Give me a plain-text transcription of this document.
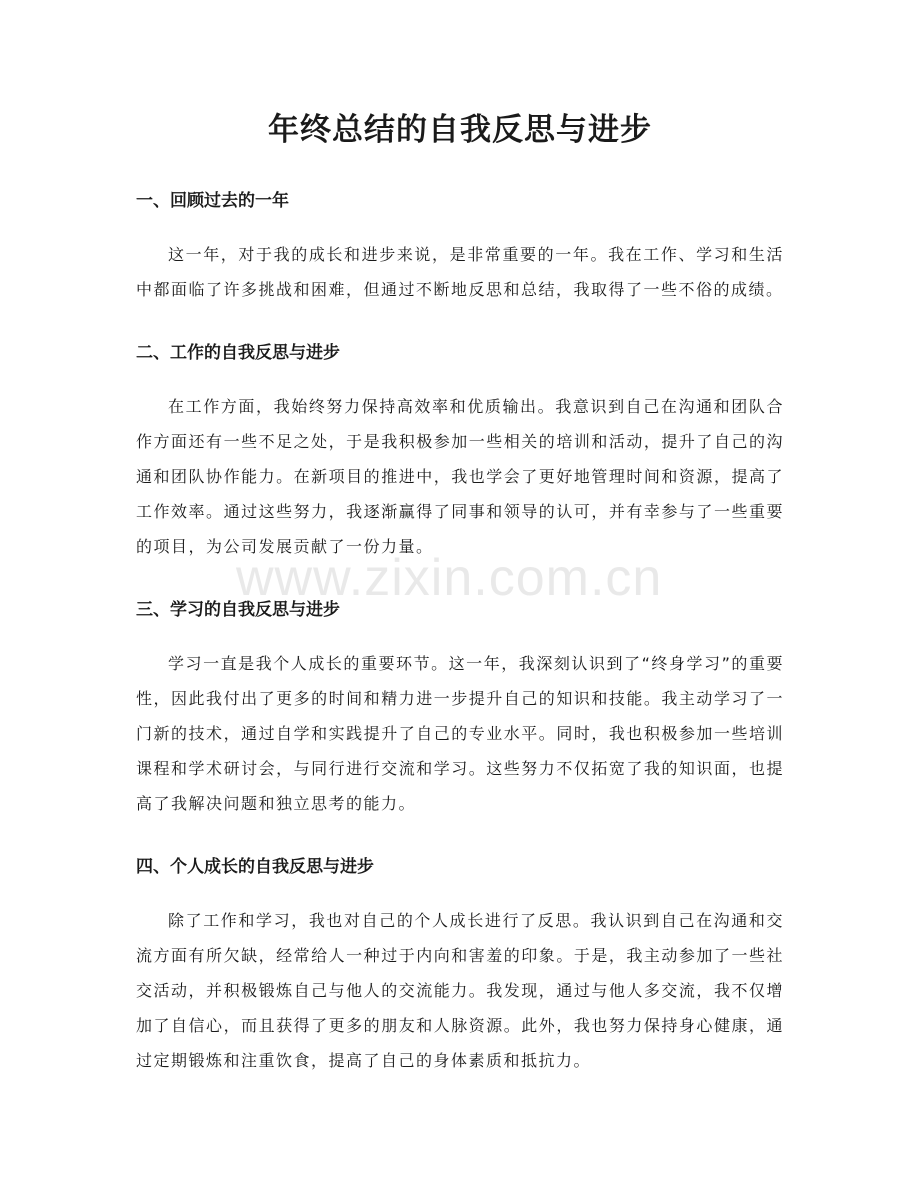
年终总结的自我反思与进步
一、回顾过去的一年

这一年，对于我的成长和进步来说，是非常重要的一年。我在工作、学习和生活中都面临了许多挑战和困难，但通过不断地反思和总结，我取得了一些不俗的成绩。

二、工作的自我反思与进步

在工作方面，我始终努力保持高效率和优质输出。我意识到自己在沟通和团队合作方面还有一些不足之处，于是我积极参加一些相关的培训和活动，提升了自己的沟通和团队协作能力。在新项目的推进中，我也学会了更好地管理时间和资源，提高了工作效率。通过这些努力，我逐渐赢得了同事和领导的认可，并有幸参与了一些重要的项目，为公司发展贡献了一份力量。

三、学习的自我反思与进步

学习一直是我个人成长的重要环节。这一年，我深刻认识到了“终身学习”的重要性，因此我付出了更多的时间和精力进一步提升自己的知识和技能。我主动学习了一门新的技术，通过自学和实践提升了自己的专业水平。同时，我也积极参加一些培训课程和学术研讨会，与同行进行交流和学习。这些努力不仅拓宽了我的知识面，也提高了我解决问题和独立思考的能力。

四、个人成长的自我反思与进步

除了工作和学习，我也对自己的个人成长进行了反思。我认识到自己在沟通和交流方面有所欠缺，经常给人一种过于内向和害羞的印象。于是，我主动参加了一些社交活动，并积极锻炼自己与他人的交流能力。我发现，通过与他人多交流，我不仅增加了自信心，而且获得了更多的朋友和人脉资源。此外，我也努力保持身心健康，通过定期锻炼和注重饮食，提高了自己的身体素质和抵抗力。

www.zixin.com.cn
